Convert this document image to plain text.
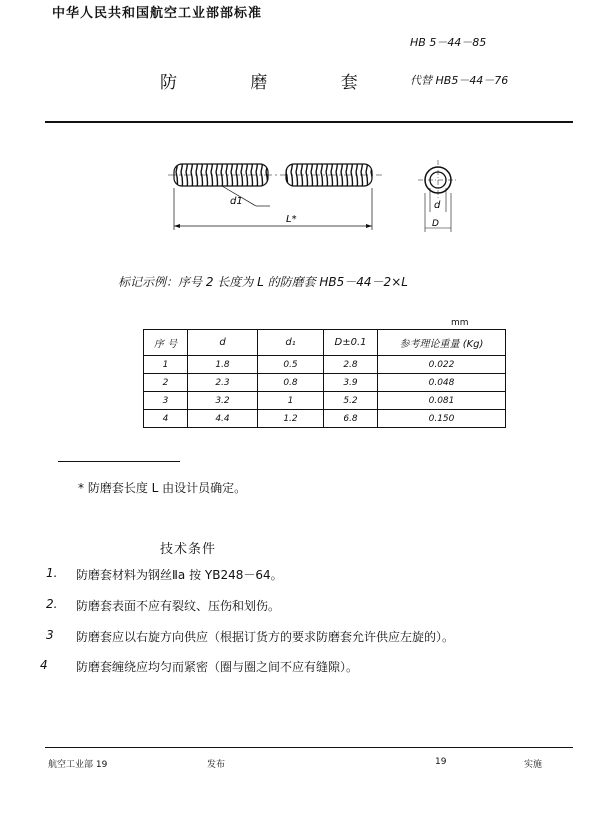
中华人民共和国航空工业部部标准
HB 5－44－85
防 磨 套 代替 HB5－44－76
d1
L*
d
D
标记示例：序号 2 长度为 L 的防磨套 HB5－44－2×L
mm
序 号	d	d₁	D±0.1	参考理论重量 (Kg)
1	1.8	0.5	2.8	0.022
2	2.3	0.8	3.9	0.048
3	3.2	1	5.2	0.081
4	4.4	1.2	6.8	0.150
* 防磨套长度 L 由设计员确定。
技术条件
1. 防磨套材料为钢丝Ⅱa 按 YB248－64。
2. 防磨套表面不应有裂纹、压伤和划伤。
3 防磨套应以右旋方向供应（根据订货方的要求防磨套允许供应左旋的）。
4 防磨套缠绕应均匀而紧密（圈与圈之间不应有缝隙）。
航空工业部 19	发布	19	实施
